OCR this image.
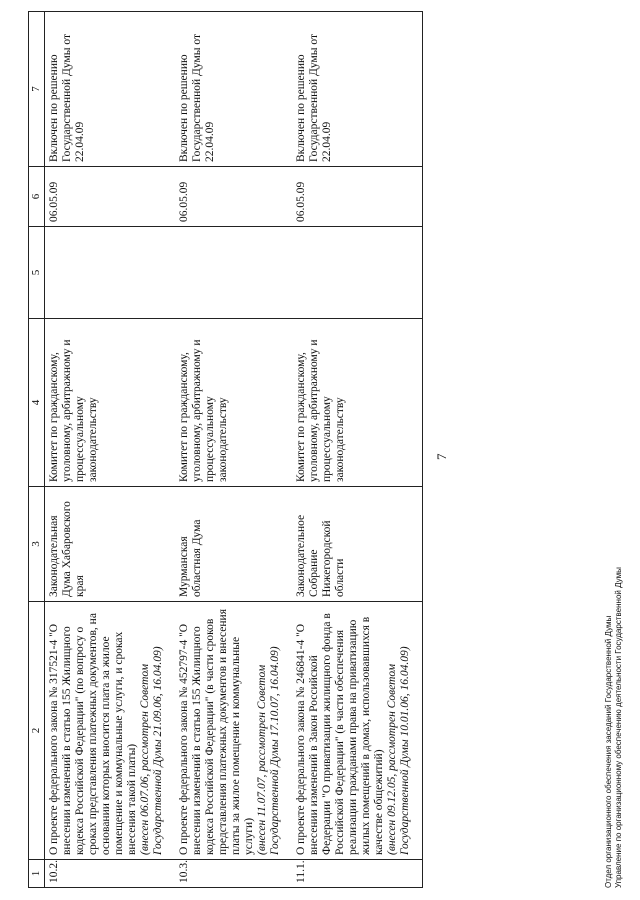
7
1	2	3	4	5	6	7
10.2.	О проекте федерального закона № 317521-4 "О внесении изменений в статью 155 Жилищного кодекса Российской Федерации" (по вопросу о сроках представления платежных документов, на основании которых вносится плата за жилое помещение и коммунальные услуги, и сроках внесения такой платы)
(внесен 06.07.06, рассмотрен Советом Государственной Думы 21.09.06, 16.04.09)	Законодательная Дума Хабаровского края	Комитет по гражданскому, уголовному, арбитражному и процессуальному законодательству		06.05.09	Включен по решению Государственной Думы от 22.04.09
10.3.	О проекте федерального закона № 452797-4 "О внесении изменений в статью 155 Жилищного кодекса Российской Федерации" (в части сроков представления платежных документов и внесения платы за жилое помещение и коммунальные услуги)
(внесен 11.07.07, рассмотрен Советом Государственной Думы 17.10.07, 16.04.09)	Мурманская областная Дума	Комитет по гражданскому, уголовному, арбитражному и процессуальному законодательству		06.05.09	Включен по решению Государственной Думы от 22.04.09
11.1.	О проекте федерального закона № 246841-4 "О внесении изменений в Закон Российской Федерации "О приватизации жилищного фонда в Российской Федерации" (в части обеспечения реализации гражданами права на приватизацию жилых помещений в домах, использовавшихся в качестве общежитий)
(внесен 09.12.05, рассмотрен Советом Государственной Думы 10.01.06, 16.04.09)	Законодательное Собрание Нижегородской области	Комитет по гражданскому, уголовному, арбитражному и процессуальному законодательству		06.05.09	Включен по решению Государственной Думы от 22.04.09
Отдел организационного обеспечения заседаний Государственной Думы Управление по организационному обеспечению деятельности Государственной Думы
